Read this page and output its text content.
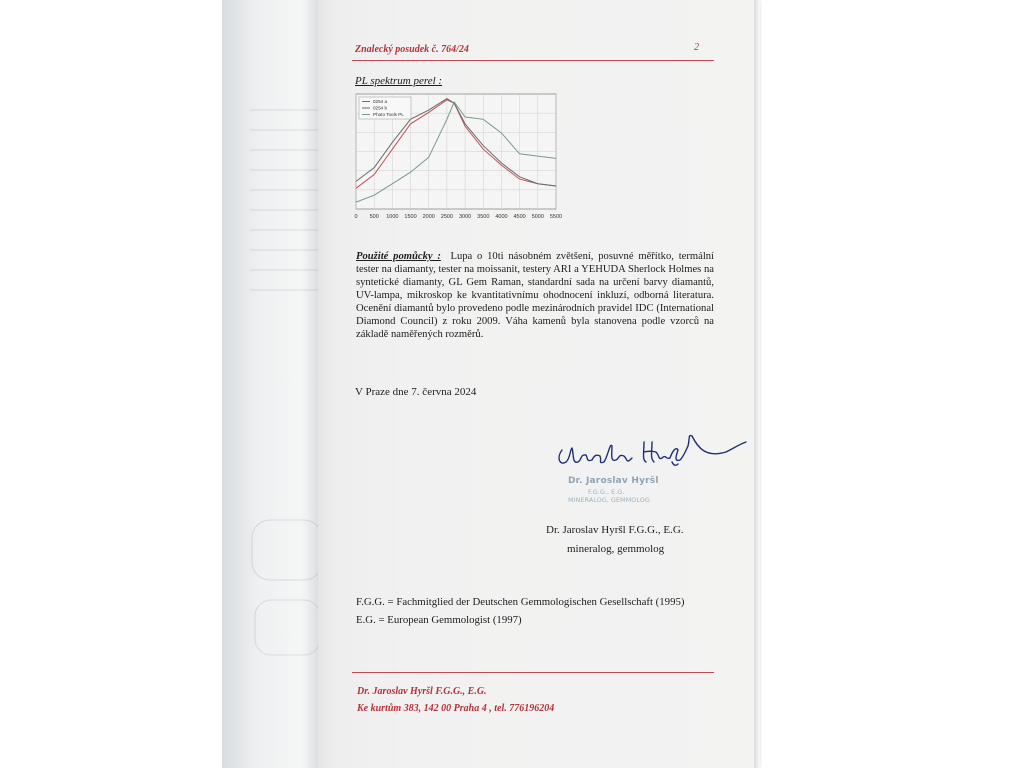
Znalecký posudek č. 764/24	2
PL spektrum perel :
0 500 1000 1500 2000 2500 3000 3500 4000 4500 5000 5500
0254 a
0254 b
Photo Tools PL
Použité pomůcky : Lupa o 10ti násobném zvětšení, posuvné měřítko, termální tester na diamanty, tester na moissanit, testery ARI a YEHUDA Sherlock Holmes na syntetické diamanty, GL Gem Raman, standardní sada na určení barvy diamantů, UV-lampa, mikroskop ke kvantitativnímu ohodnocení inkluzí, odborná literatura. Ocenění diamantů bylo provedeno podle mezinárodních pravidel IDC (International Diamond Council) z roku 2009. Váha kamenů byla stanovena podle vzorců na základě naměřených rozměrů.
V Praze dne 7. června 2024
Dr. Jaroslav Hyršl
F.G.G., E.G.
MINERALOG, GEMMOLOG
Dr. Jaroslav Hyršl F.G.G., E.G.
mineralog, gemmolog
F.G.G. = Fachmitglied der Deutschen Gemmologischen Gesellschaft (1995)
E.G. = European Gemmologist (1997)
Dr. Jaroslav Hyršl F.G.G., E.G.
Ke kurtům 383, 142 00 Praha 4 , tel. 776196204
